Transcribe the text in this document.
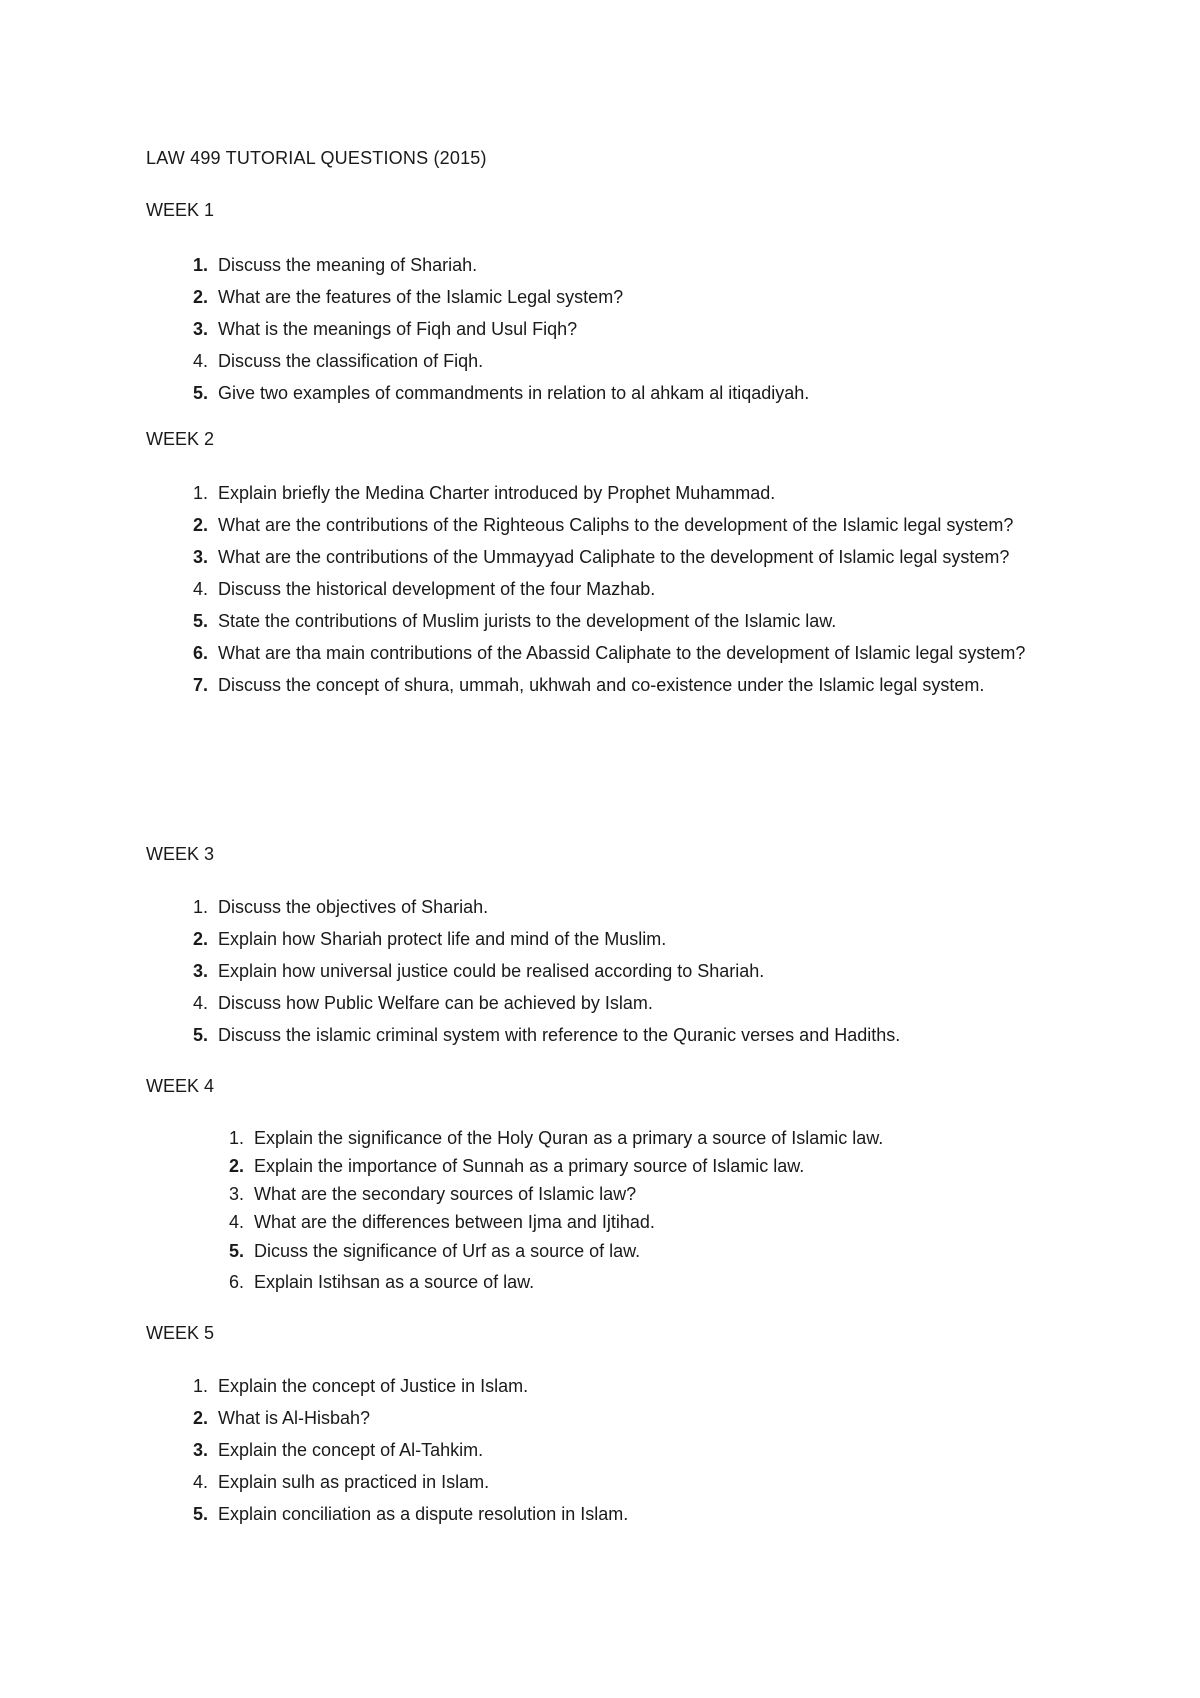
LAW 499 TUTORIAL QUESTIONS (2015)
WEEK 1
1. Discuss the meaning of Shariah.
2. What are the features of the Islamic Legal system?
3. What is the meanings of Fiqh and Usul Fiqh?
4. Discuss the classification of Fiqh.
5. Give two examples of commandments in relation to al ahkam al itiqadiyah.
WEEK 2
1. Explain briefly the Medina Charter introduced by Prophet Muhammad.
2. What are the contributions of the Righteous Caliphs to the development of the Islamic legal system?
3. What are the contributions of the Ummayyad Caliphate to the development of Islamic legal system?
4. Discuss the historical development of the four Mazhab.
5. State the contributions of Muslim jurists to the development of the Islamic law.
6. What are tha main contributions of the Abassid Caliphate to the development of Islamic legal system?
7. Discuss the concept of shura, ummah, ukhwah and co-existence under the Islamic legal system.
WEEK 3
1. Discuss the objectives of Shariah.
2. Explain how Shariah protect life and mind of the Muslim.
3. Explain how universal justice could be realised according to Shariah.
4. Discuss how Public Welfare can be achieved by Islam.
5. Discuss the islamic criminal system with reference to the Quranic verses and Hadiths.
WEEK 4
1. Explain the significance of the Holy Quran as a primary a source of Islamic law.
2. Explain the importance of Sunnah as a primary source of Islamic law.
3. What are the secondary sources of Islamic law?
4. What are the differences between Ijma and Ijtihad.
5. Dicuss the significance of Urf as a source of law.
6. Explain Istihsan as a source of law.
WEEK 5
1. Explain the concept of Justice in Islam.
2. What is Al-Hisbah?
3. Explain the concept of Al-Tahkim.
4. Explain sulh as practiced in Islam.
5. Explain conciliation as a dispute resolution in Islam.
